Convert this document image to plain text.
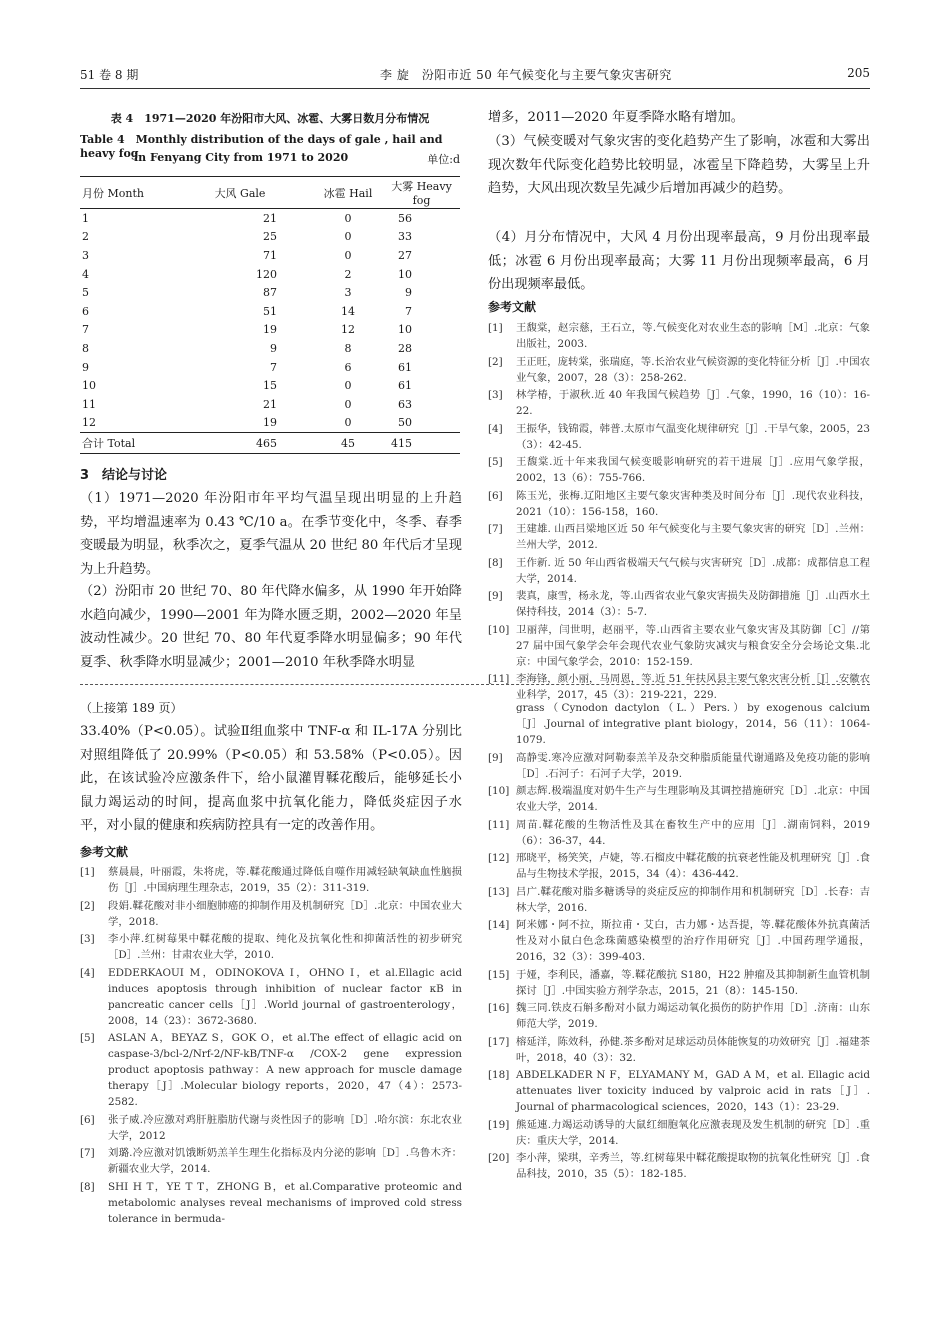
51 卷 8 期	李 旋　汾阳市近 50 年气候变化与主要气象灾害研究	205
表 4　1971—2020 年汾阳市大风、冰雹、大雾日数月分布情况
Table 4　Monthly distribution of the days of gale , hail and heavy fog
in Fenyang City from 1971 to 2020	单位:d
月份 Month	大风 Gale	冰雹 Hail	大雾 Heavy fog
1	21	0	56
2	25	0	33
3	71	0	27
4	120	2	10
5	87	3	9
6	51	14	7
7	19	12	10
8	9	8	28
9	7	6	61
10	15	0	61
11	21	0	63
12	19	0	50
合计 Total	465	45	415
3　结论与讨论

（1）1971—2020 年汾阳市年平均气温呈现出明显的上升趋势，平均增温速率为 0.43 ℃/10 a。在季节变化中，冬季、春季变暖最为明显，秋季次之，夏季气温从 20 世纪 80 年代后才呈现为上升趋势。

（2）汾阳市 20 世纪 70、80 年代降水偏多，从 1990 年开始降水趋向减少，1990—2001 年为降水匮乏期，2002—2020 年呈波动性减少。20 世纪 70、80 年代夏季降水明显偏多；90 年代夏季、秋季降水明显减少；2001—2010 年秋季降水明显

增多，2011—2020 年夏季降水略有增加。

（3）气候变暖对气象灾害的变化趋势产生了影响，冰雹和大雾出现次数年代际变化趋势比较明显，冰雹呈下降趋势，大雾呈上升趋势，大风出现次数呈先减少后增加再减少的趋势。

（4）月分布情况中，大风 4 月份出现率最高，9 月份出现率最低；冰雹 6 月份出现率最高；大雾 11 月份出现频率最高，6 月份出现频率最低。

参考文献
[1]	王馥棠，赵宗慈，王石立，等.气候变化对农业生态的影响［M］.北京：气象出版社，2003.
[2]	王正旺，庞转棠，张瑞庭，等.长治农业气候资源的变化特征分析［J］.中国农业气象，2007，28（3）：258-262.
[3]	林学椿，于淑秋.近 40 年我国气候趋势［J］.气象，1990，16（10）：16-22.
[4]	王振华，钱锦霞，韩普.太原市气温变化规律研究［J］.干旱气象，2005，23（3）：42-45.
[5]	王馥棠.近十年来我国气候变暖影响研究的若干进展［J］.应用气象学报，2002，13（6）：755-766.
[6]	陈玉光，张梅.辽阳地区主要气象灾害种类及时间分布［J］.现代农业科技，2021（10）：156-158，160.
[7]	王建雄. 山西吕梁地区近 50 年气候变化与主要气象灾害的研究［D］.兰州：兰州大学，2012.
[8]	王作新. 近 50 年山西省极端天气气候与灾害研究［D］.成都：成都信息工程大学，2014.
[9]	裴真，康雪，杨永龙，等.山西省农业气象灾害损失及防御措施［J］.山西水土保持科技，2014（3）：5-7.
[10] 卫丽萍，闫世明，赵丽平，等.山西省主要农业气象灾害及其防御［C］//第 27 届中国气象学会年会现代农业气象防灾减灾与粮食安全分会场论文集.北京：中国气象学会，2010：152-159.
[11] 李海锋，颜小丽，马周恩，等.近 51 年扶风县主要气象灾害分析［J］.安徽农业科学，2017，45（3）：219-221，229.
（上接第 189 页）

33.40%（P<0.05）。试验Ⅱ组血浆中 TNF-α 和 IL-17A 分别比对照组降低了 20.99%（P<0.05）和 53.58%（P<0.05）。因此，在该试验冷应激条件下，给小鼠灌胃鞣花酸后，能够延长小鼠力竭运动的时间，提高血浆中抗氧化能力，降低炎症因子水平，对小鼠的健康和疾病防控具有一定的改善作用。

参考文献
[1]	蔡晨晨，叶丽霞，朱将虎，等.鞣花酸通过降低自噬作用减轻缺氧缺血性脑损伤［J］.中国病理生理杂志，2019，35（2）：311-319.
[2]	段娟.鞣花酸对非小细胞肺癌的抑制作用及机制研究［D］.北京：中国农业大学，2018.
[3]	李小萍.红树莓果中鞣花酸的提取、纯化及抗氧化性和抑菌活性的初步研究［D］.兰州：甘肃农业大学，2010.
[4]	EDDERKAOUI M，ODINOKOVA I，OHNO I，et al.Ellagic acid induces apoptosis through inhibition of nuclear factor κB in pancreatic cancer cells［J］.World journal of gastroenterology，2008，14（23）：3672-3680.
[5]	ASLAN A，BEYAZ S，GOK O，et al.The effect of ellagic acid on caspase-3/bcl-2/Nrf-2/NF-kB/TNF-α /COX-2 gene expression product apoptosis pathway：A new approach for muscle damage therapy［J］.Molecular biology reports，2020，47（4）：2573-2582.
[6]	张子威.冷应激对鸡肝脏脂肪代谢与炎性因子的影响［D］.哈尔滨：东北农业大学，2012
[7]	刘璐.冷应激对饥饿断奶羔羊生理生化指标及内分泌的影响［D］.乌鲁木齐：新疆农业大学，2014.
[8]	SHI H T，YE T T，ZHONG B，et al.Comparative proteomic and metabolomic analyses reveal mechanisms of improved cold stress tolerance in bermuda-
grass（Cynodon dactylon（L.）Pers.）by exogenous calcium［J］.Journal of integrative plant biology，2014，56（11）：1064-1079.
[9]	高静雯.寒冷应激对阿勒泰羔羊及杂交种脂质能量代谢通路及免疫功能的影响［D］.石河子：石河子大学，2019.
[10] 颜志辉.极端温度对奶牛生产与生理影响及其调控措施研究［D］.北京：中国农业大学，2014.
[11] 周苗.鞣花酸的生物活性及其在畜牧生产中的应用［J］.湖南饲料，2019（6）：36-37，44.
[12] 邢晓平，杨笑笑，卢婕，等.石榴皮中鞣花酸的抗衰老性能及机理研究［J］.食品与生物技术学报，2015，34（4）：436-442.
[13] 吕广.鞣花酸对脂多糖诱导的炎症反应的抑制作用和机制研究［D］.长春：吉林大学，2016.
[14] 阿米娜・阿不拉，斯拉甫・艾白，古力娜・达吾提，等.鞣花酸体外抗真菌活性及对小鼠白色念珠菌感染模型的治疗作用研究［J］.中国药理学通报，2016，32（3）：399-403.
[15] 于娅，李利民，潘嘉，等.鞣花酸抗 S180，H22 肿瘤及其抑制新生血管机制探讨［J］.中国实验方剂学杂志，2015，21（8）：145-150.
[16] 魏三同.铁皮石斛多酚对小鼠力竭运动氧化损伤的防护作用［D］.济南：山东师范大学，2019.
[17] 榕延洋，陈效科，孙健.茶多酚对足球运动员体能恢复的功效研究［J］.福建茶叶，2018，40（3）：32.
[18] ABDELKADER N F，ELYAMANY M，GAD A M，et al. Ellagic acid attenuates liver toxicity induced by valproic acid in rats［J］. Journal of pharmacological sciences，2020，143（1）：23-29.
[19] 熊延連.力竭运动诱导的大鼠红细胞氧化应激表现及发生机制的研究［D］.重庆：重庆大学，2014.
[20] 李小萍，梁琪，辛秀兰，等.红树莓果中鞣花酸提取物的抗氧化性研究［J］.食品科技，2010，35（5）：182-185.
